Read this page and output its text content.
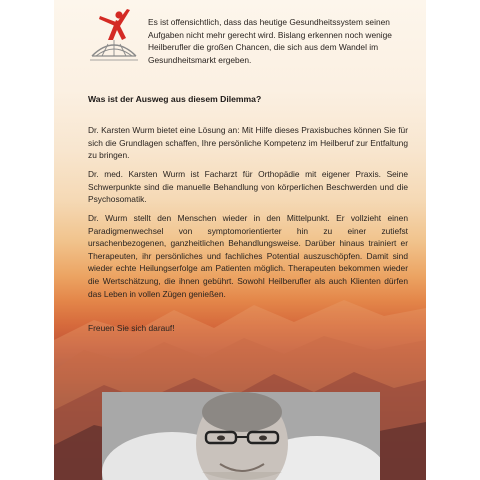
Es ist offensichtlich, dass das heutige Gesundheitssystem seinen Aufgaben nicht mehr gerecht wird. Bislang erkennen noch wenige Heilberufler die großen Chancen, die sich aus dem Wandel im Gesundheitsmarkt ergeben.

Was ist der Ausweg aus diesem Dilemma?

Dr. Karsten Wurm bietet eine Lösung an: Mit Hilfe dieses Praxisbuches können Sie für sich die Grundlagen schaffen, Ihre persönliche Kompetenz im Heilberuf zur Entfaltung zu bringen.

Dr. med. Karsten Wurm ist Facharzt für Orthopädie mit eigener Praxis. Seine Schwerpunkte sind die manuelle Behandlung von körperlichen Beschwerden und die Psychosomatik.

Dr. Wurm stellt den Menschen wieder in den Mittelpunkt. Er vollzieht einen Paradigmenwechsel von symptomorientierter hin zu einer zutiefst ursachenbezogenen, ganzheitlichen Behandlungsweise. Darüber hinaus trainiert er Therapeuten, ihr persönliches und fachliches Potential auszuschöpfen. Damit sind wieder echte Heilungserfolge am Patienten möglich. Therapeuten bekommen wieder die Wertschätzung, die ihnen gebührt. Sowohl Heilberufler als auch Klienten dürfen das Leben in vollen Zügen genießen.

Freuen Sie sich darauf!
